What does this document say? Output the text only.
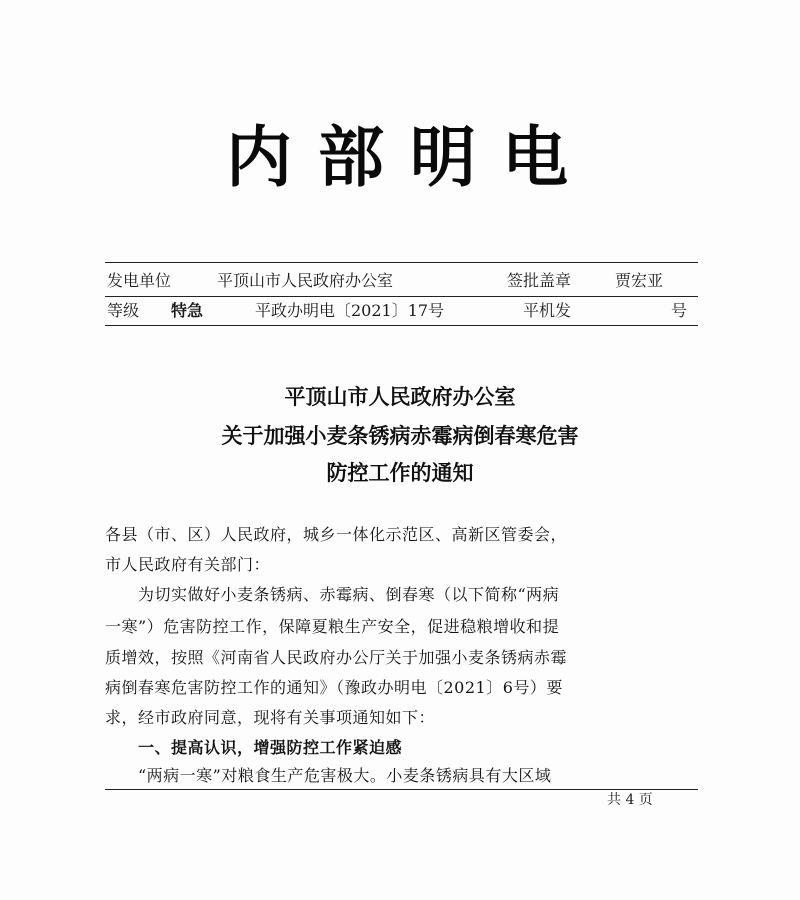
内部明电
发电单位	平顶山市人民政府办公室	签批盖章	贾宏亚
等级 特急	平政办明电〔2021〕17号	平机发	号
平顶山市人民政府办公室
关于加强小麦条锈病赤霉病倒春寒危害
防控工作的通知
各县（市、区）人民政府，城乡一体化示范区、高新区管委会，
市人民政府有关部门：
　　为切实做好小麦条锈病、赤霉病、倒春寒（以下简称“两病
一寒”）危害防控工作，保障夏粮生产安全，促进稳粮增收和提
质增效，按照《河南省人民政府办公厅关于加强小麦条锈病赤霉
病倒春寒危害防控工作的通知》（豫政办明电〔2021〕6号）要
求，经市政府同意，现将有关事项通知如下：
　　一、提高认识，增强防控工作紧迫感
　　“两病一寒”对粮食生产危害极大。小麦条锈病具有大区域
共 4 页
